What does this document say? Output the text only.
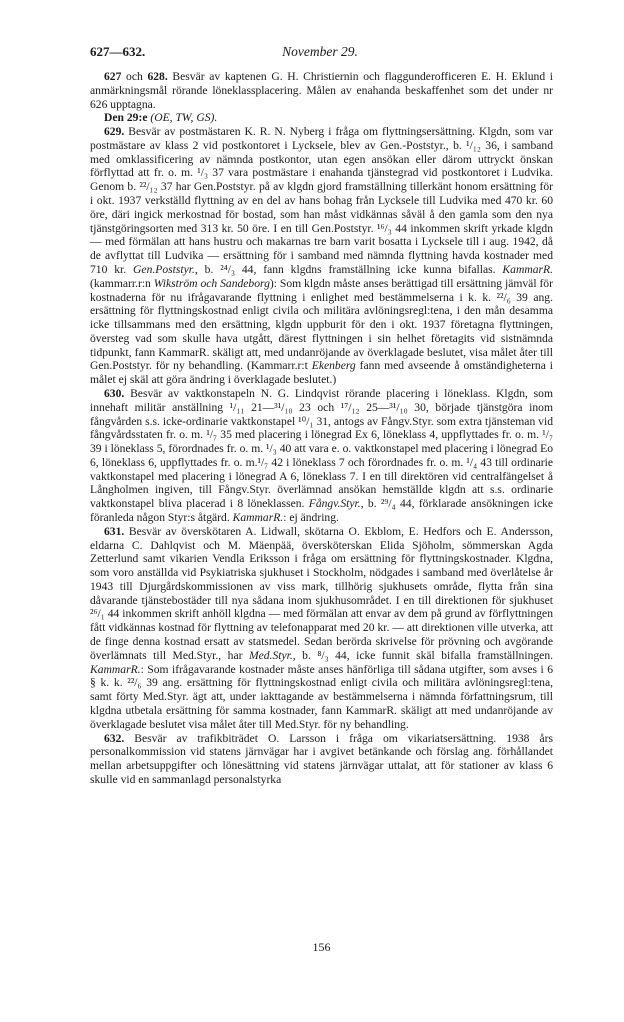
November 29.
627—632.

627 och 628. Besvär av kaptenen G. H. Christiernin och flaggunderofficeren E. H. Eklund i anmärkningsmål rörande löneklassplacering. Målen av enahanda beskaffenhet som det under nr 626 upptagna.

Den 29:e (OE, TW, GS).

629. Besvär av postmästaren K. R. N. Nyberg i fråga om flyttningsersättning. Klgdn, som var postmästare av klass 2 vid postkontoret i Lycksele, blev av Gen.-Poststyr., b. ¹/₁₂ 36, i samband med omklassificering av nämnda postkontor, utan egen ansökan eller därom uttryckt önskan förflyttad att fr. o. m. ¹/₃ 37 vara postmästare i enahanda tjänstegrad vid postkontoret i Ludvika. Genom b. ²²/₁₂ 37 har Gen.Poststyr. på av klgdn gjord framställning tillerkänt honom ersättning för i okt. 1937 verkställd flyttning av en del av hans bohag från Lycksele till Ludvika med 470 kr. 60 öre, däri ingick merkostnad för bostad, som han måst vidkännas såväl å den gamla som den nya tjänstgöringsorten med 313 kr. 50 öre. I en till Gen.Poststyr. ¹⁶/₃ 44 inkommen skrift yrkade klgdn — med förmälan att hans hustru och makarnas tre barn varit bosatta i Lycksele till i aug. 1942, då de avflyttat till Ludvika — ersättning för i samband med nämnda flyttning havda kostnader med 710 kr. Gen.Poststyr., b. ²⁴/₃ 44, fann klgdns framställning icke kunna bifallas. KammarR. (kammarr.r:n Wikström och Sandeborg): Som klgdn måste anses berättigad till ersättning jämväl för kostnaderna för nu ifrågavarande flyttning i enlighet med bestämmelserna i k. k. ²²/₆ 39 ang. ersättning för flyttningskostnad enligt civila och militära avlöningsregl:tena, i den mån desamma icke tillsammans med den ersättning, klgdn uppburit för den i okt. 1937 företagna flyttningen, översteg vad som skulle hava utgått, därest flyttningen i sin helhet företagits vid sistnämnda tidpunkt, fann KammarR. skäligt att, med undanröjande av överklagade beslutet, visa målet åter till Gen.Poststyr. för ny behandling. (Kammarr.r:t Ekenberg fann med avseende å omständigheterna i målet ej skäl att göra ändring i överklagade beslutet.)

630. Besvär av vaktkonstapeln N. G. Lindqvist rörande placering i löneklass. Klgdn, som innehaft militär anställning ¹/₁₁ 21—³¹/₁₀ 23 och ¹⁷/₁₂ 25—³¹/₁₀ 30, började tjänstgöra inom fångvården s.s. icke-ordinarie vaktkonstapel ¹⁰/₁ 31, antogs av Fångv.Styr. som extra tjänsteman vid fångvårdsstaten fr. o. m. ¹/₇ 35 med placering i lönegrad Ex 6, löneklass 4, uppflyttades fr. o. m. ¹/₇ 39 i löneklass 5, förordnades fr. o. m. ¹/₃ 40 att vara e. o. vaktkonstapel med placering i lönegrad Eo 6, löneklass 6, uppflyttades fr. o. m.¹/₇ 42 i löneklass 7 och förordnades fr. o. m. ¹/₄ 43 till ordinarie vaktkonstapel med placering i lönegrad A 6, löneklass 7. I en till direktören vid centralfängelset å Långholmen ingiven, till Fångv.Styr. överlämnad ansökan hemställde klgdn att s.s. ordinarie vaktkonstapel bliva placerad i 8 löneklassen. Fångv.Styr., b. ²⁹/₄ 44, förklarade ansökningen icke föranleda någon Styr:s åtgärd. KammarR.: ej ändring.

631. Besvär av överskötaren A. Lidwall, skötarna O. Ekblom, E. Hedfors och E. Andersson, eldarna C. Dahlqvist och M. Mäenpää, översköterskan Elida Sjöholm, sömmerskan Agda Zetterlund samt vikarien Vendla Eriksson i fråga om ersättning för flyttningskostnader. Klgdna, som voro anställda vid Psykiatriska sjukhuset i Stockholm, nödgades i samband med överlåtelse år 1943 till Djurgårdskommissionen av viss mark, tillhörig sjukhusets område, flytta från sina dåvarande tjänstebostäder till nya sådana inom sjukhusområdet. I en till direktionen för sjukhuset ²⁶/₁ 44 inkommen skrift anhöll klgdna — med förmälan att envar av dem på grund av förflyttningen fått vidkännas kostnad för flyttning av telefonapparat med 20 kr. — att direktionen ville utverka, att de finge denna kostnad ersatt av statsmedel. Sedan berörda skrivelse för prövning och avgörande överlämnats till Med.Styr., har Med.Styr., b. ⁸/₃ 44, icke funnit skäl bifalla framställningen. KammarR.: Som ifrågavarande kostnader måste anses hänförliga till sådana utgifter, som avses i 6 § k. k. ²²/₆ 39 ang. ersättning för flyttningskostnad enligt civila och militära avlöningsregl:tena, samt förty Med.Styr. ägt att, under iakttagande av bestämmelserna i nämnda författningsrum, till klgdna utbetala ersättning för samma kostnader, fann KammarR. skäligt att med undanröjande av överklagade beslutet visa målet åter till Med.Styr. för ny behandling.

632. Besvär av trafikbiträdet O. Larsson i fråga om vikariatsersättning. 1938 års personalkommission vid statens järnvägar har i avgivet betänkande och förslag ang. förhållandet mellan arbetsuppgifter och lönesättning vid statens järnvägar uttalat, att för stationer av klass 6 skulle vid en sammanlagd personalstyrka

156
